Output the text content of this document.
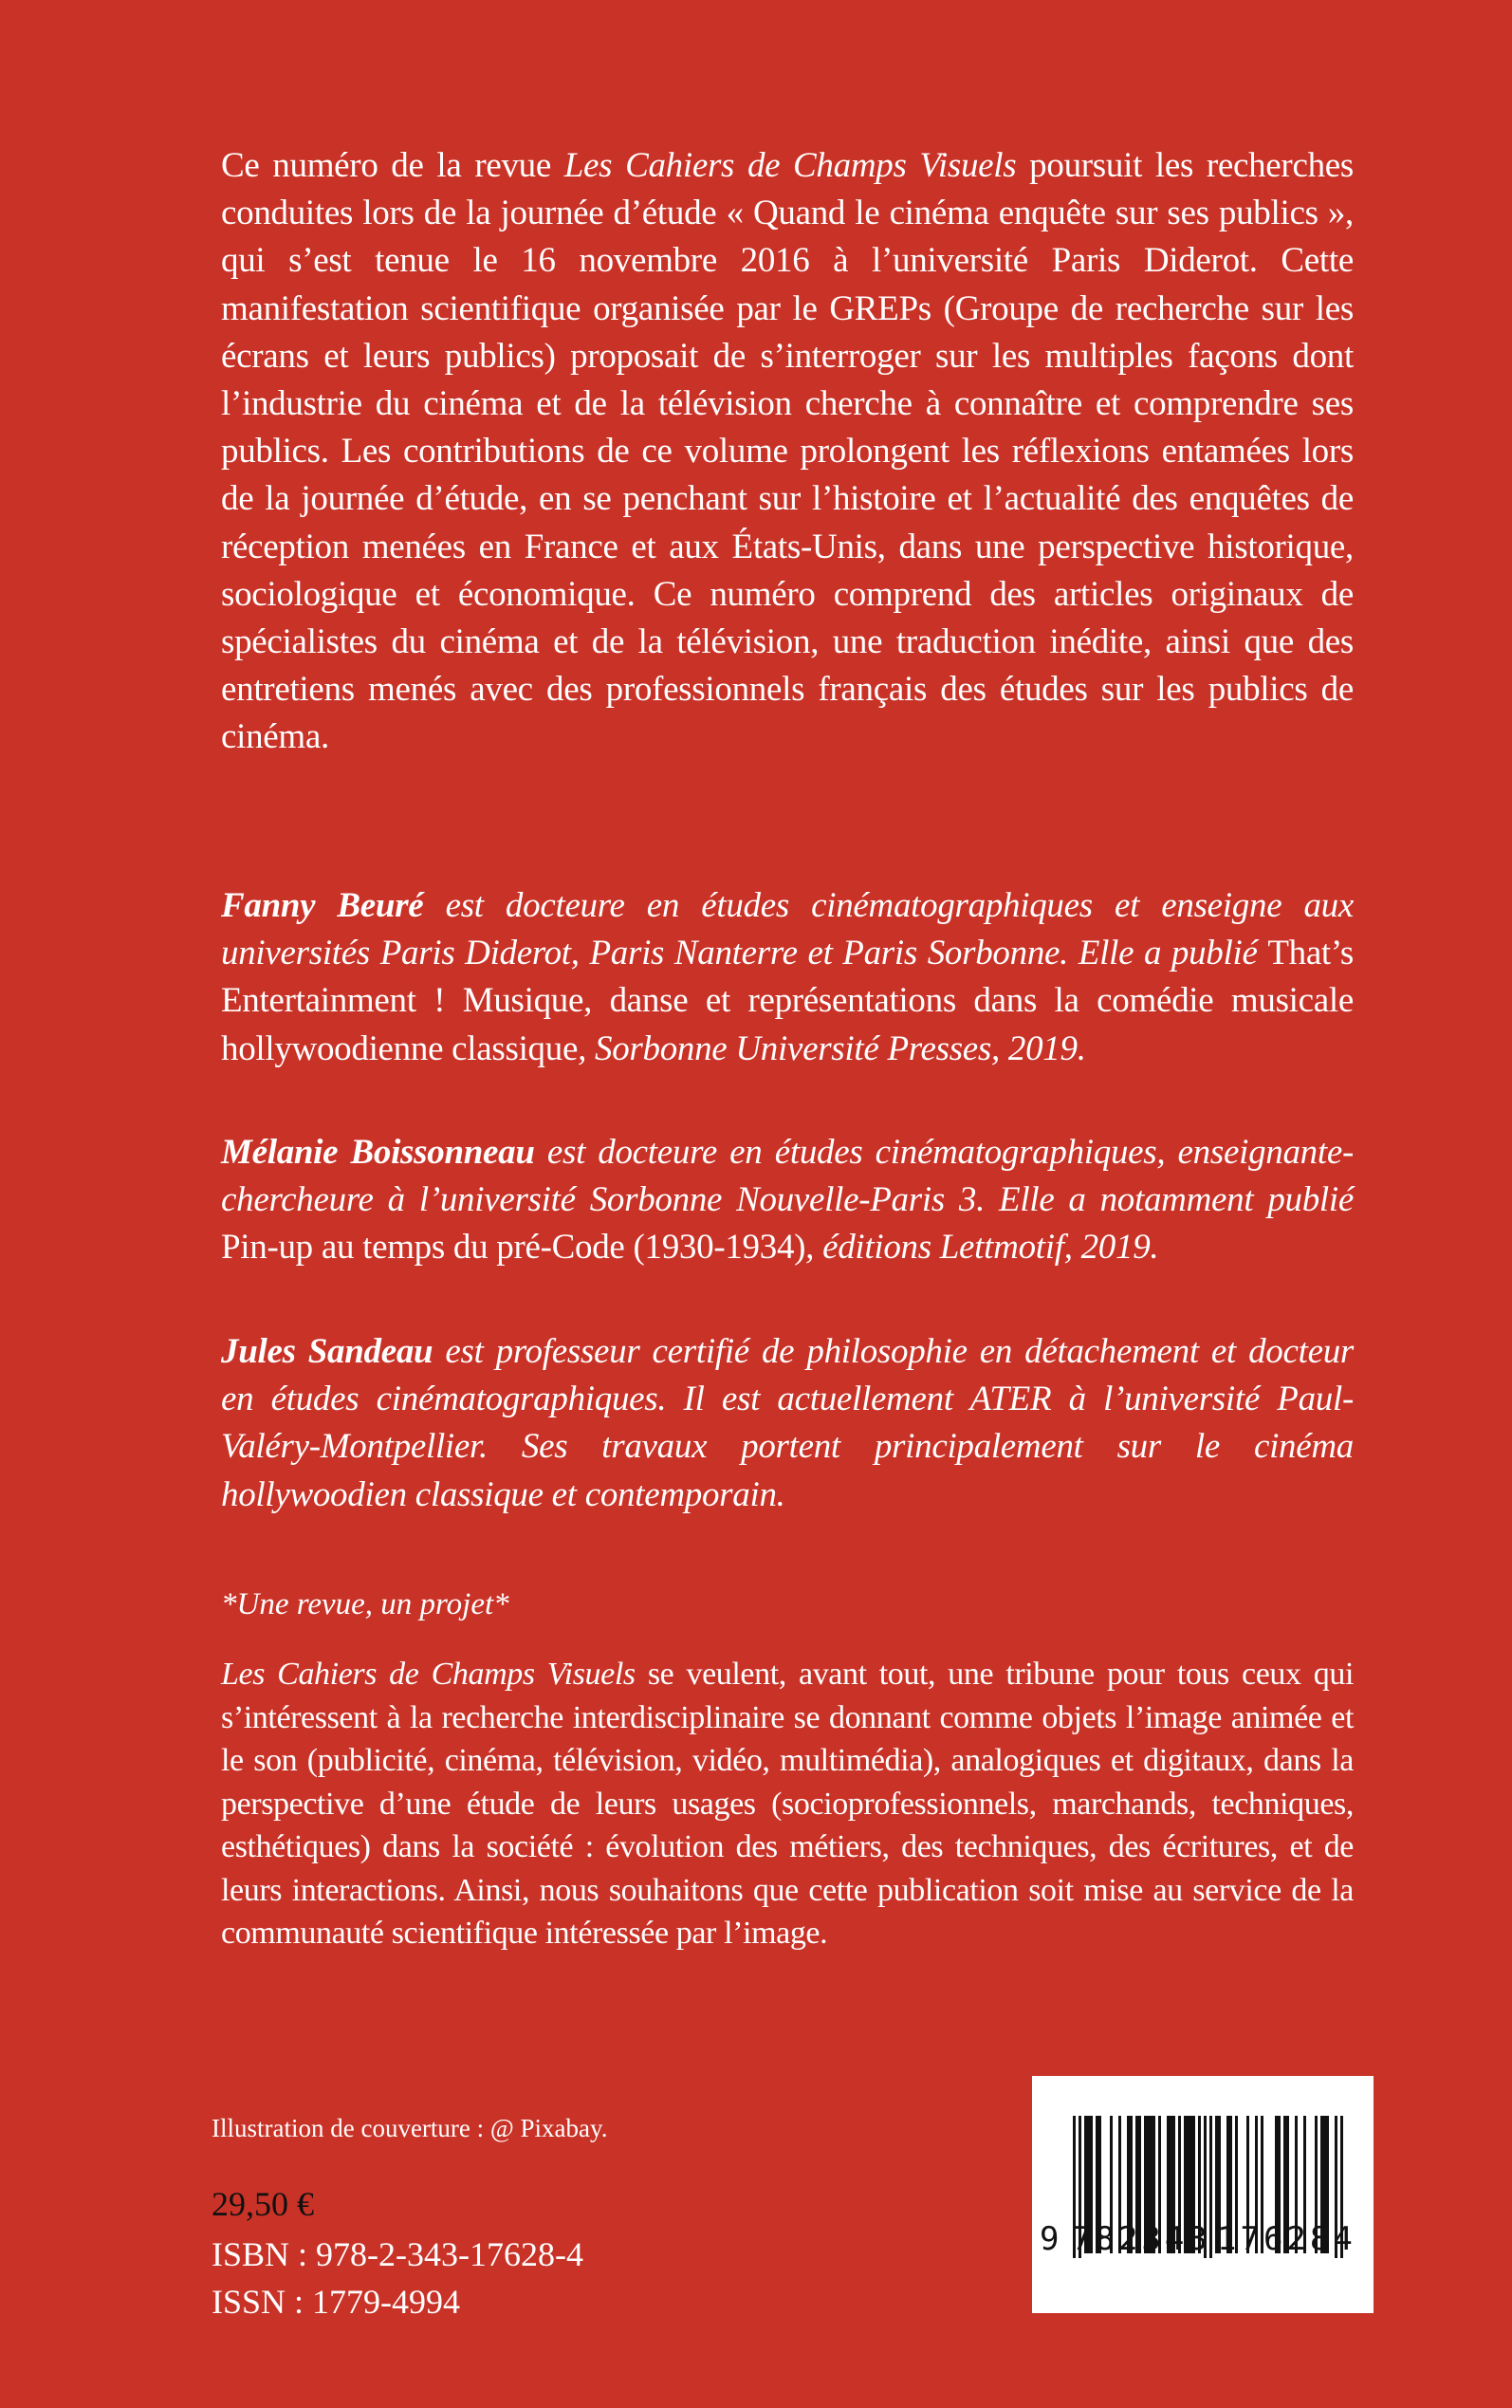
Ce numéro de la revue Les Cahiers de Champs Visuels poursuit les recherches conduites lors de la journée d’étude « Quand le cinéma enquête sur ses publics », qui s’est tenue le 16 novembre 2016 à l’université Paris Diderot. Cette manifestation scientifique organisée par le GREPs (Groupe de recherche sur les écrans et leurs publics) proposait de s’interroger sur les multiples façons dont l’industrie du cinéma et de la télévision cherche à connaître et comprendre ses publics. Les contributions de ce volume prolongent les réflexions entamées lors de la journée d’étude, en se penchant sur l’histoire et l’actualité des enquêtes de réception menées en France et aux États-Unis, dans une perspective historique, sociologique et économique. Ce numéro comprend des articles originaux de spécialistes du cinéma et de la télévision, une traduction inédite, ainsi que des entretiens menés avec des professionnels français des études sur les publics de cinéma.
Fanny Beuré est docteure en études cinématographiques et enseigne aux universités Paris Diderot, Paris Nanterre et Paris Sorbonne. Elle a publié That’s Entertainment ! Musique, danse et représentations dans la comédie musicale hollywoodienne classique, Sorbonne Université Presses, 2019.
Mélanie Boissonneau est docteure en études cinématographiques, enseignante-chercheure à l’université Sorbonne Nouvelle-Paris 3. Elle a notamment publié Pin-up au temps du pré-Code (1930-1934), éditions Lettmotif, 2019.
Jules Sandeau est professeur certifié de philosophie en détachement et docteur en études cinématographiques. Il est actuellement ATER à l’université Paul-Valéry-Montpellier. Ses travaux portent principalement sur le cinéma hollywoodien classique et contemporain.
*Une revue, un projet*
Les Cahiers de Champs Visuels se veulent, avant tout, une tribune pour tous ceux qui s’intéressent à la recherche interdisciplinaire se donnant comme objets l’image animée et le son (publicité, cinéma, télévision, vidéo, multimédia), analogiques et digitaux, dans la perspective d’une étude de leurs usages (socioprofessionnels, marchands, techniques, esthétiques) dans la société : évolution des métiers, des techniques, des écritures, et de leurs interactions. Ainsi, nous souhaitons que cette publication soit mise au service de la communauté scientifique intéressée par l’image.
Illustration de couverture : @ Pixabay.
29,50 €
ISBN : 978-2-343-17628-4
ISSN : 1779-4994
9 782343 176284
